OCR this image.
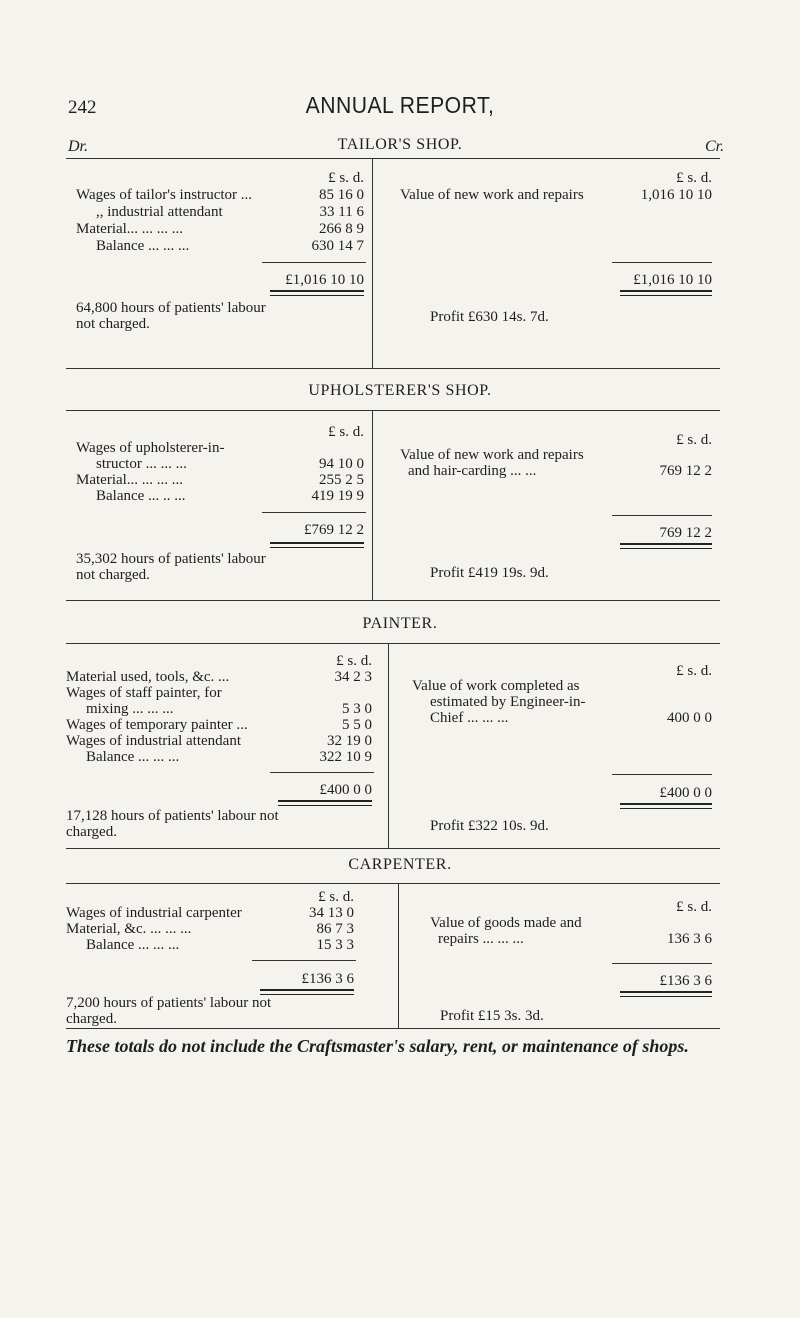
242	ANNUAL REPORT,
Dr.	TAILOR'S SHOP.	Cr.
£ s. d.
Wages of tailor's instructor ...	85 16 0
,, industrial attendant	33 11 6
Material... ... ... ...	266 8 9
Balance ... ... ...	630 14 7
£1,016 10 10
64,800 hours of patients' labour not charged.
£ s. d.
Value of new work and repairs	1,016 10 10
£1,016 10 10
Profit £630 14s. 7d.
UPHOLSTERER'S SHOP.
£ s. d.
Wages of upholsterer-in-
structor ... ... ...	94 10 0
Material... ... ... ...	255 2 5
Balance ... .. ...	419 19 9
£769 12 2
35,302 hours of patients' labour not charged.
£ s. d.
Value of new work and repairs
and hair-carding ... ...	769 12 2
769 12 2
Profit £419 19s. 9d.
PAINTER.
£ s. d.
Material used, tools, &c. ...	34 2 3
Wages of staff painter, for
mixing ... ... ...	5 3 0
Wages of temporary painter ...	5 5 0
Wages of industrial attendant	32 19 0
Balance ... ... ...	322 10 9
£400 0 0
17,128 hours of patients' labour not charged.
£ s. d.
Value of work completed as
estimated by Engineer-in-
Chief ... ... ...	400 0 0
£400 0 0
Profit £322 10s. 9d.
CARPENTER.
£ s. d.
Wages of industrial carpenter	34 13 0
Material, &c. ... ... ...	86 7 3
Balance ... ... ...	15 3 3
£136 3 6
7,200 hours of patients' labour not charged.
£ s. d.
Value of goods made and
repairs ... ... ...	136 3 6
£136 3 6
Profit £15 3s. 3d.
These totals do not include the Craftsmaster's salary, rent, or maintenance of shops.
